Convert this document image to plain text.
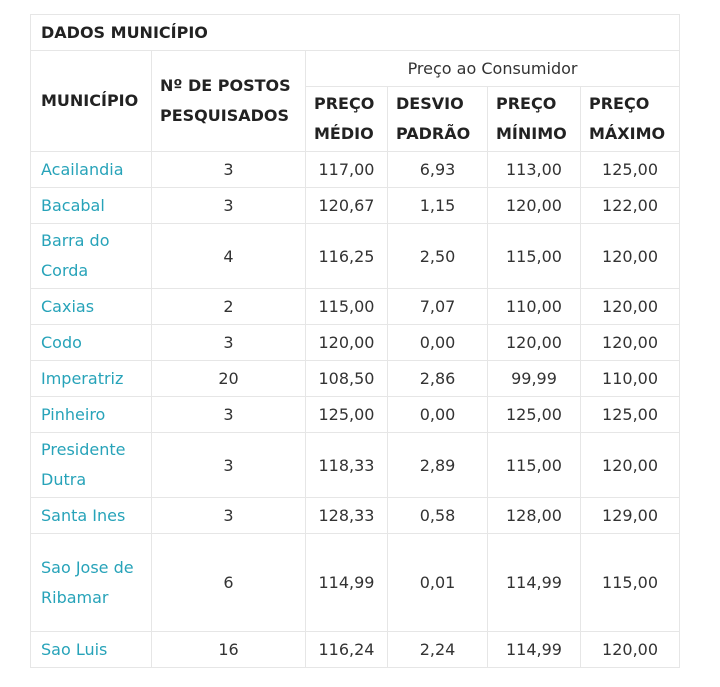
DADOS MUNICÍPIO					
MUNICÍPIO	Nº DE POSTOS PESQUISADOS	Preço ao Consumidor			
		PREÇO MÉDIO	DESVIO PADRÃO	PREÇO MÍNIMO	PREÇO MÁXIMO
Acailandia	3	117,00	6,93	113,00	125,00
Bacabal	3	120,67	1,15	120,00	122,00
Barra do Corda	4	116,25	2,50	115,00	120,00
Caxias	2	115,00	7,07	110,00	120,00
Codo	3	120,00	0,00	120,00	120,00
Imperatriz	20	108,50	2,86	99,99	110,00
Pinheiro	3	125,00	0,00	125,00	125,00
Presidente Dutra	3	118,33	2,89	115,00	120,00
Santa Ines	3	128,33	0,58	128,00	129,00
Sao Jose de Ribamar	6	114,99	0,01	114,99	115,00
Sao Luis	16	116,24	2,24	114,99	120,00
